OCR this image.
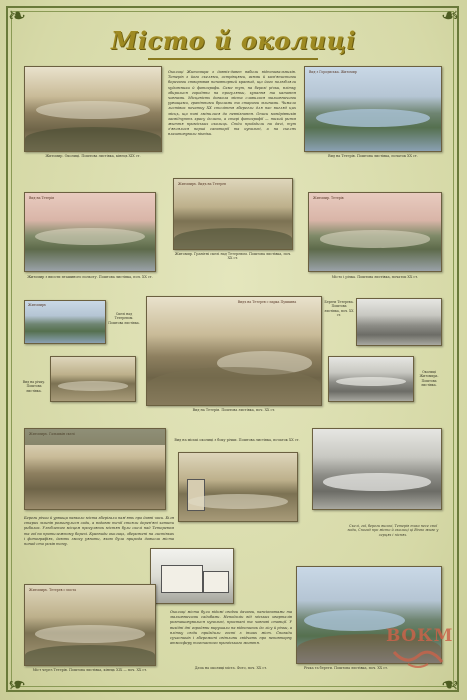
❧	❧
❧	❧
Місто й околиці
Житомир. Околиці. Поштова листівка, кінець ХІХ ст.
Околиці Житомира з давніх-давен вабили відпочивальників. Тетерів з його скелями, острівцями, гаями й кам'янистими берегами створював неповторний краєвид, що його полюбляли художники й фотографи. Саме тут, на березі річки, влітку збиралися городяни на прогулянки, купання та катання човнами. Місцевість довкола міста славилася мальовничими урвищами, гранітними брилами та старими млинами. Чимало листівок початку ХХ століття зберегли для нас вигляд цих місць, що нині змінилися до невпізнання. Описи мандрівників засвідчують красу долини, а старі фотографії — тихий ритм життя приміських околиць. Сюди приїздили на дачі, тут з'являлися перші санаторії та купальні, а на скелях влаштовували пікніки.
Вид з Городиська. Житомир
Вид на Тетерів. Поштова листівка, початок ХХ ст.
Вид на Тетерів
Житомир з висоти пташиного польоту. Поштова листівка, поч. ХХ ст.
Житомиръ. Видъ на Тетерев
Житомир. Гранітні скелі над Тетеревом. Поштова листівка, поч. ХХ ст.
Житомир. Тетерів
Місто і річка. Поштова листівка, початок ХХ ст.
Житомиръ
Скелі над Тетеревом. Поштова листівка.
Видъ на Тетерев с парка Пушкина
Вид на Тетерів. Поштова листівка, поч. ХХ ст.
Береги Тетерева. Поштова листівка, поч. ХХ ст.
Вид на річку. Поштова листівка.
Околиці Житомира. Поштова листівка.
Вид на міські околиці з боку річки. Поштова листівка, початок ХХ ст.
Береги річки й урвища навколо міста зберігали пам'ять про давні часи. Біля старих млинів розкинулися сади, а вздовж течії стояли дерев'яні хатини рибалок. Улюбленим місцем прогулянок містян були скелі над Тетеревом та гаї на протилежному березі. Краєвиди околиць, збережені на листівках і фотографіях, дають змогу уявити, якою була природа довкола міста понад сто років тому.
Скелі, гаї, береги високі, Тетерів тихо несе свої води, Спогад про місто й околиці ці Вічно живе у серцях і піснях.
Житомиръ. Тетерев с моста
Міст через Тетерів. Поштова листівка, кінець ХІХ — поч. ХХ ст.
Околиці міста були відомі своїми дачами, пансіонатами та мальовничими садибами. Неподалік від міських кварталів розташовувалися купальні, пристані та човнові станції. У вихідні дні городяни вирушали на відпочинок до лісу й річки, а влітку сюди приїздили гості з інших міст. Спогади сучасників і збережені світлини свідчать про неповторну атмосферу тогочасного приміського життя.
Дача на околиці міста. Фото, поч. ХХ ст.	Річка та береги. Поштова листівка, поч. ХХ ст.
ВОКМ
